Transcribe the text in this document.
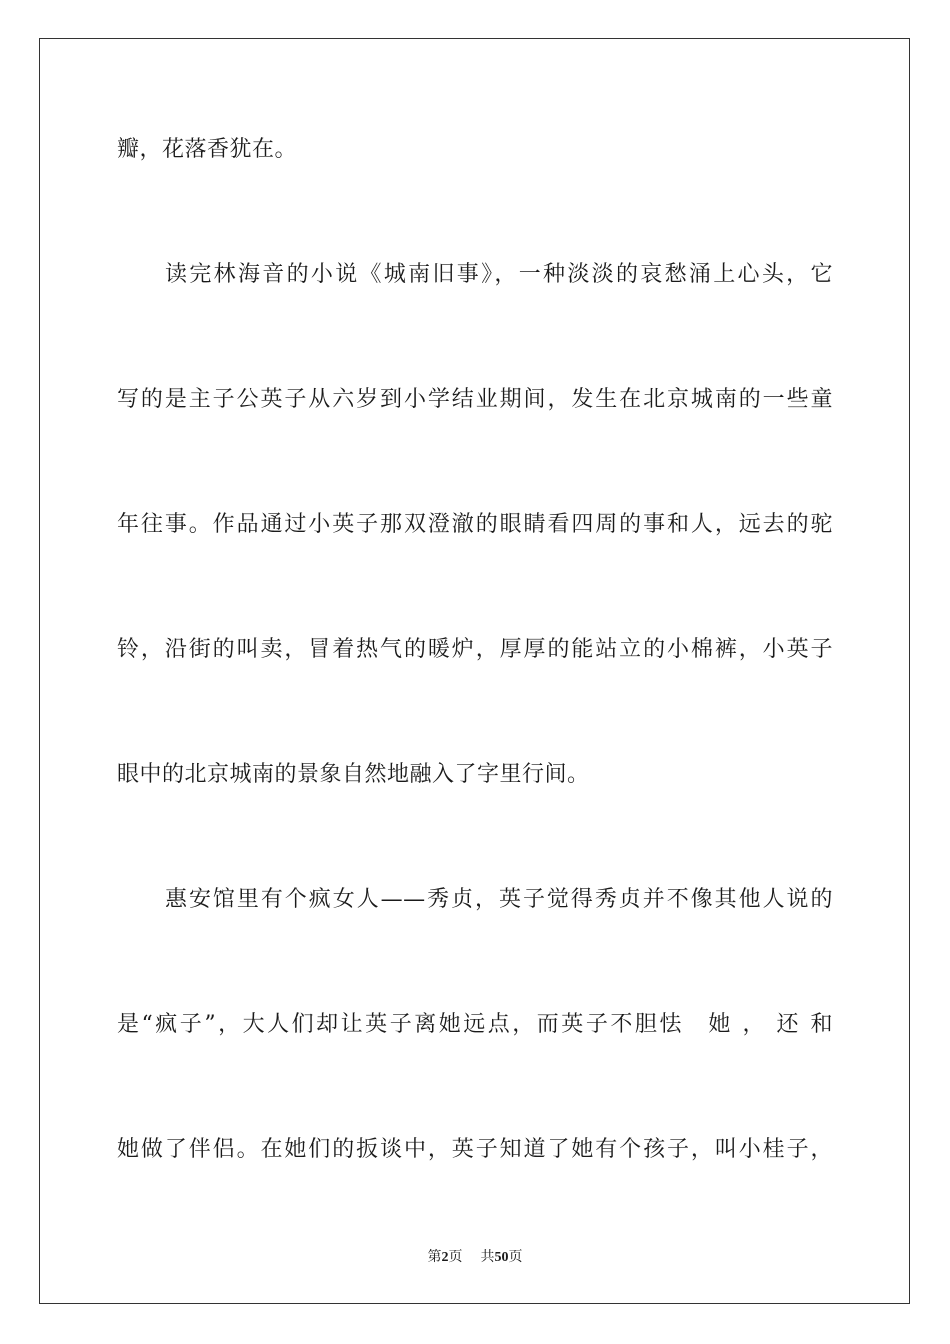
瓣，花落香犹在。
读完林海音的小说《城南旧事》，一种淡淡的哀愁涌上心头，它
写的是主子公英子从六岁到小学结业期间，发生在北京城南的一些童
年往事。作品通过小英子那双澄澈的眼睛看四周的事和人，远去的驼
铃，沿街的叫卖，冒着热气的暖炉，厚厚的能站立的小棉裤，小英子
眼中的北京城南的景象自然地融入了字里行间。
惠安馆里有个疯女人——秀贞，英子觉得秀贞并不像其他人说的
是“疯子”，大人们却让英子离她远点，而英子不胆怯　她 ， 还 和
她做了伴侣。在她们的扳谈中，英子知道了她有个孩子，叫小桂子，
第2页 共50页
